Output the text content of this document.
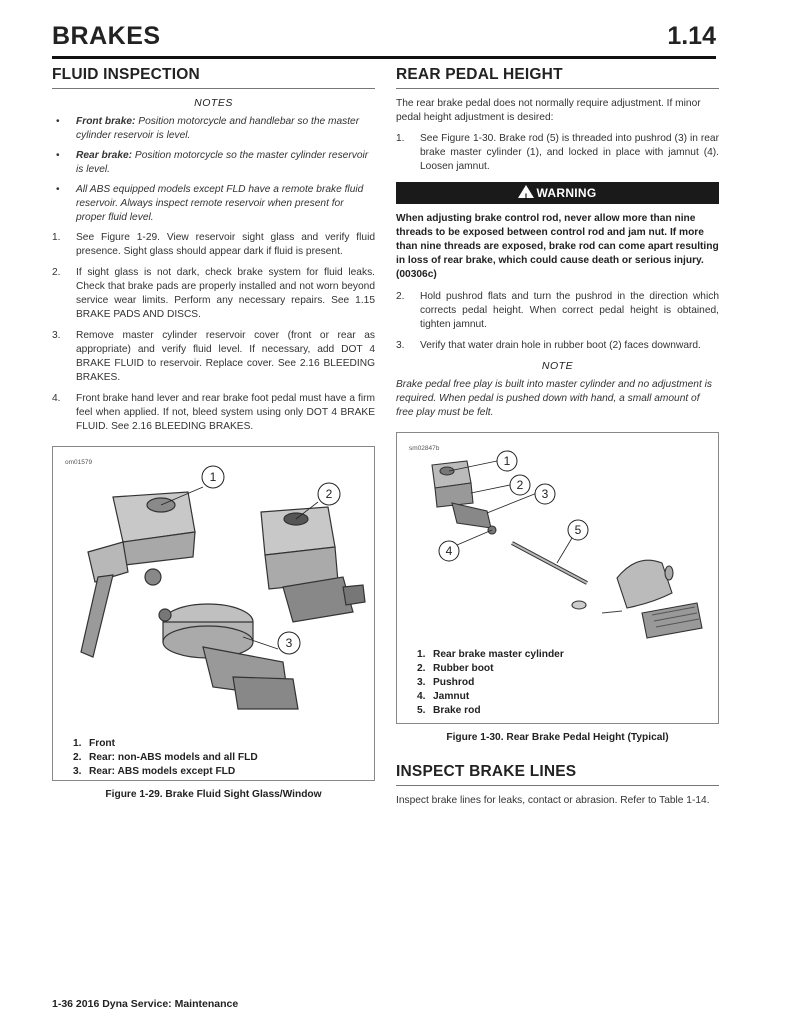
BRAKES	1.14
FLUID INSPECTION
NOTES
• Front brake: Position motorcycle and handlebar so the master cylinder reservoir is level.
• Rear brake: Position motorcycle so the master cylinder reservoir is level.
• All ABS equipped models except FLD have a remote brake fluid reservoir. Always inspect remote reservoir when present for proper fluid level.
1. See Figure 1-29. View reservoir sight glass and verify fluid presence. Sight glass should appear dark if fluid is present.
2. If sight glass is not dark, check brake system for fluid leaks. Check that brake pads are properly installed and not worn beyond service wear limits. Perform any necessary repairs. See 1.15 BRAKE PADS AND DISCS.
3. Remove master cylinder reservoir cover (front or rear as appropriate) and verify fluid level. If necessary, add DOT 4 BRAKE FLUID to reservoir. Replace cover. See 2.16 BLEEDING BRAKES.
4. Front brake hand lever and rear brake foot pedal must have a firm feel when applied. If not, bleed system using only DOT 4 BRAKE FLUID. See 2.16 BLEEDING BRAKES.
om01579
1
2
3
1. Front
2. Rear: non-ABS models and all FLD
3. Rear: ABS models except FLD
Figure 1-29. Brake Fluid Sight Glass/Window
REAR PEDAL HEIGHT

The rear brake pedal does not normally require adjustment. If minor pedal height adjustment is desired:

1. See Figure 1-30. Brake rod (5) is threaded into pushrod (3) in rear brake master cylinder (1), and locked in place with jamnut (4). Loosen jamnut.
!WARNING
When adjusting brake control rod, never allow more than nine threads to be exposed between control rod and jam nut. If more than nine threads are exposed, brake rod can come apart resulting in loss of rear brake, which could cause death or serious injury. (00306c)
2. Hold pushrod flats and turn the pushrod in the direction which corrects pedal height. When correct pedal height is obtained, tighten jamnut.
3. Verify that water drain hole in rubber boot (2) faces downward.
NOTE
Brake pedal free play is built into master cylinder and no adjustment is required. When pedal is pushed down with hand, a small amount of free play must be felt.
sm02847b
1
2
3
4
5
1. Rear brake master cylinder
2. Rubber boot
3. Pushrod
4. Jamnut
5. Brake rod
Figure 1-30. Rear Brake Pedal Height (Typical)
INSPECT BRAKE LINES

Inspect brake lines for leaks, contact or abrasion. Refer to Table 1-14.

1-36 2016 Dyna Service: Maintenance
